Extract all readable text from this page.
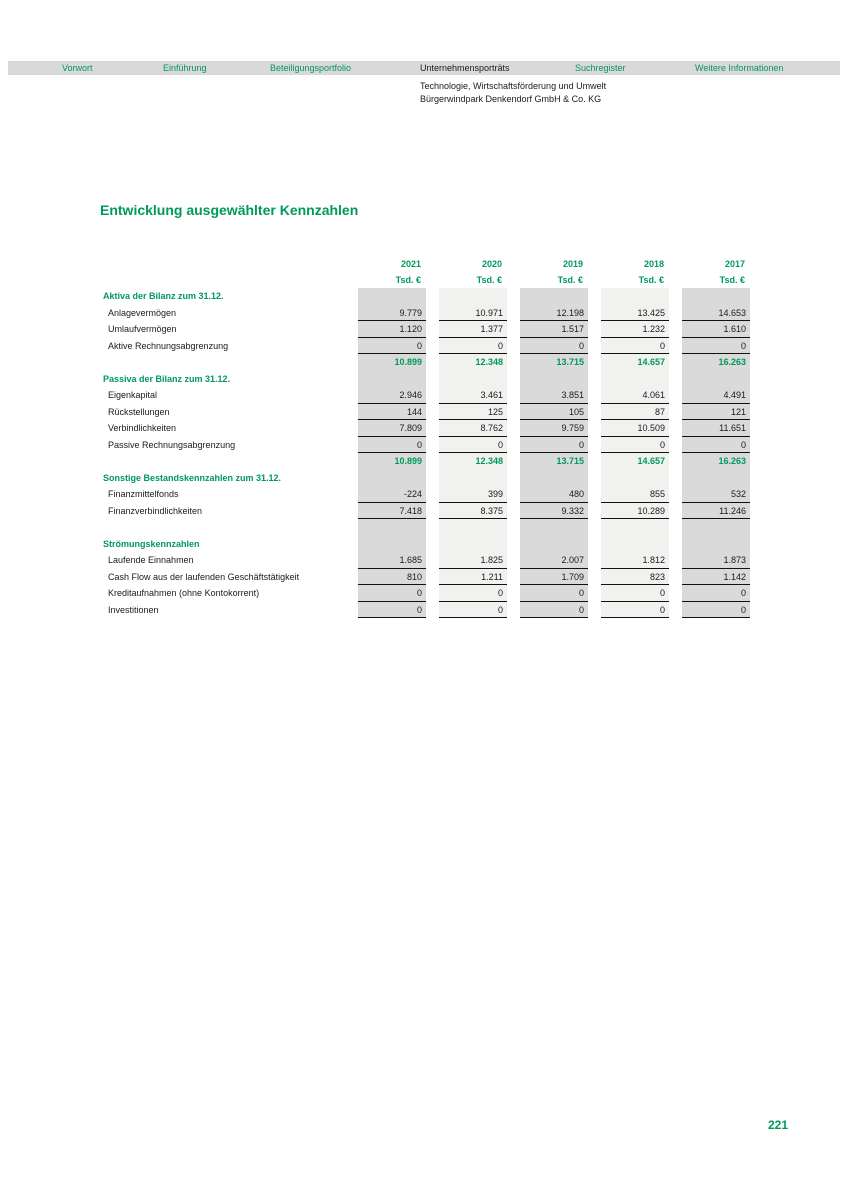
Vorwort	Einführung	Beteiligungsportfolio	Unternehmensporträts	Suchregister	Weitere Informationen
Technologie, Wirtschaftsförderung und Umwelt
Bürgerwindpark Denkendorf GmbH & Co. KG
Entwicklung ausgewählter Kennzahlen
2021	2020	2019	2018	2017
Tsd. €	Tsd. €	Tsd. €	Tsd. €	Tsd. €
Aktiva der Bilanz zum 31.12.
Anlagevermögen	9.779	10.971	12.198	13.425	14.653
Umlaufvermögen	1.120	1.377	1.517	1.232	1.610
Aktive Rechnungsabgrenzung	0	0	0	0	0
10.899	12.348	13.715	14.657	16.263
Passiva der Bilanz zum 31.12.
Eigenkapital	2.946	3.461	3.851	4.061	4.491
Rückstellungen	144	125	105	87	121
Verbindlichkeiten	7.809	8.762	9.759	10.509	11.651
Passive Rechnungsabgrenzung	0	0	0	0	0
10.899	12.348	13.715	14.657	16.263
Sonstige Bestandskennzahlen zum 31.12.
Finanzmittelfonds	-224	399	480	855	532
Finanzverbindlichkeiten	7.418	8.375	9.332	10.289	11.246
Strömungskennzahlen
Laufende Einnahmen	1.685	1.825	2.007	1.812	1.873
Cash Flow aus der laufenden Geschäftstätigkeit	810	1.211	1.709	823	1.142
Kreditaufnahmen (ohne Kontokorrent)	0	0	0	0	0
Investitionen	0	0	0	0	0
221
